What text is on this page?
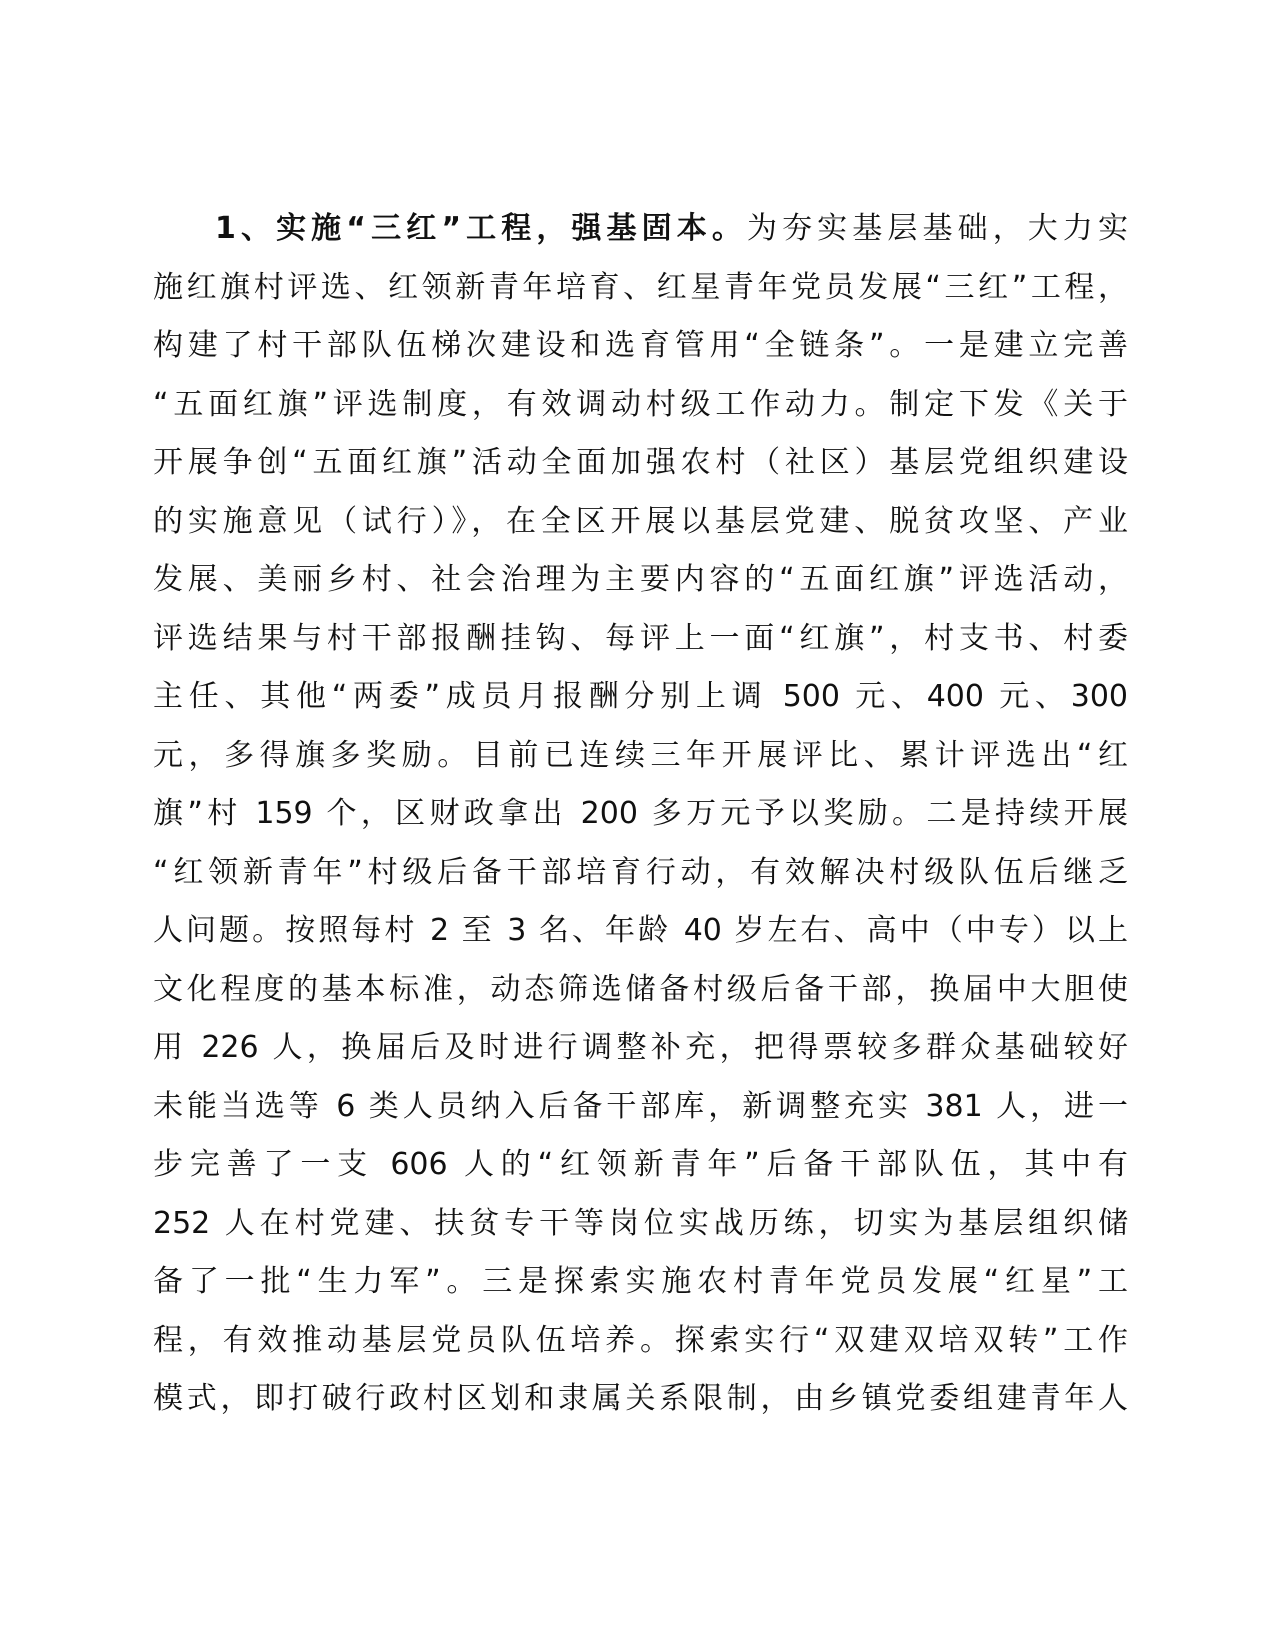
1、实施“三红”工程，强基固本。为夯实基层基础，大力实
施红旗村评选、红领新青年培育、红星青年党员发展“三红”工程，
构建了村干部队伍梯次建设和选育管用“全链条”。一是建立完善
“五面红旗”评选制度，有效调动村级工作动力。制定下发《关于
开展争创“五面红旗”活动全面加强农村（社区）基层党组织建设
的实施意见（试行）》，在全区开展以基层党建、脱贫攻坚、产业
发展、美丽乡村、社会治理为主要内容的“五面红旗”评选活动，
评选结果与村干部报酬挂钩、每评上一面“红旗”，村支书、村委
主任、其他“两委”成员月报酬分别上调 500 元、400 元、300
元，多得旗多奖励。目前已连续三年开展评比、累计评选出“红
旗”村 159 个，区财政拿出 200 多万元予以奖励。二是持续开展
“红领新青年”村级后备干部培育行动，有效解决村级队伍后继乏
人问题。按照每村 2 至 3 名、年龄 40 岁左右、高中（中专）以上
文化程度的基本标准，动态筛选储备村级后备干部，换届中大胆使
用 226 人，换届后及时进行调整补充，把得票较多群众基础较好
未能当选等 6 类人员纳入后备干部库，新调整充实 381 人，进一
步完善了一支 606 人的“红领新青年”后备干部队伍，其中有
252 人在村党建、扶贫专干等岗位实战历练，切实为基层组织储
备了一批“生力军”。三是探索实施农村青年党员发展“红星”工
程，有效推动基层党员队伍培养。探索实行“双建双培双转”工作
模式，即打破行政村区划和隶属关系限制，由乡镇党委组建青年人
